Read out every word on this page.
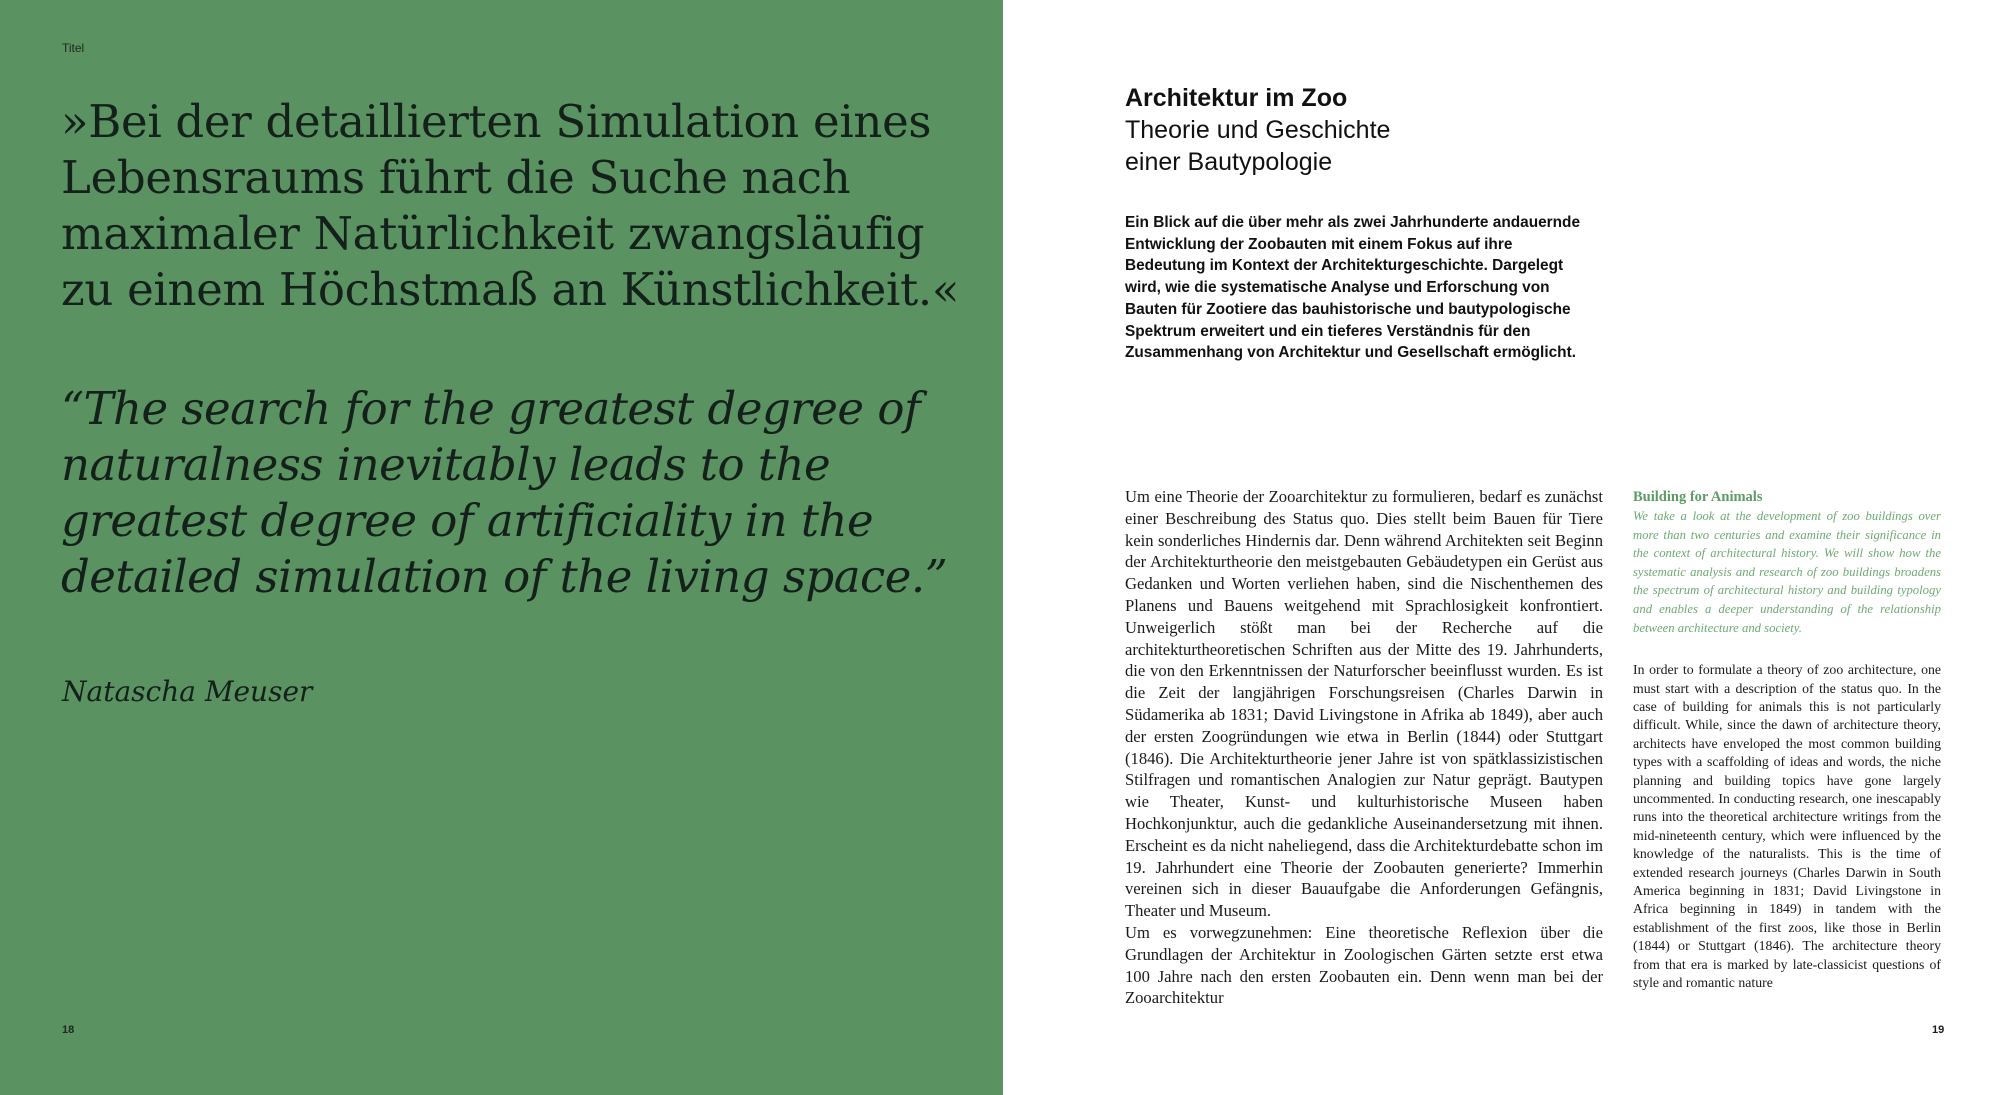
Titel

»Bei der detaillierten Simulation eines Lebensraums führt die Suche nach maximaler Natürlichkeit zwangsläufig zu einem Höchstmaß an Künstlichkeit.«

“The search for the greatest degree of naturalness inevitably leads to the greatest degree of artificiality in the detailed simulation of the living space.”

Natascha Meuser
18
Architektur im Zoo
Theorie und Geschichte
einer Bautypologie

Ein Blick auf die über mehr als zwei Jahrhunderte andauernde Entwicklung der Zoobauten mit einem Fokus auf ihre Bedeutung im Kontext der Architekturgeschichte. Dargelegt wird, wie die systematische Analyse und Erforschung von Bauten für Zootiere das bauhistorische und bautypologische Spektrum erweitert und ein tieferes Verständnis für den Zusammenhang von Architektur und Gesellschaft ermöglicht.

Um eine Theorie der Zooarchitektur zu formulieren, bedarf es zunächst einer Beschreibung des Status quo. Dies stellt beim Bauen für Tiere kein sonderliches Hindernis dar. Denn während Architekten seit Beginn der Architekturtheorie den meistgebauten Gebäudetypen ein Gerüst aus Gedanken und Worten verliehen haben, sind die Nischenthemen des Planens und Bauens weitgehend mit Sprachlosigkeit konfrontiert. Unweigerlich stößt man bei der Recherche auf die architekturtheoretischen Schriften aus der Mitte des 19. Jahrhunderts, die von den Erkenntnissen der Naturforscher beeinflusst wurden. Es ist die Zeit der langjährigen Forschungsreisen (Charles Darwin in Südamerika ab 1831; David Livingstone in Afrika ab 1849), aber auch der ersten Zoogründungen wie etwa in Berlin (1844) oder Stuttgart (1846). Die Architekturtheorie jener Jahre ist von spätklassizistischen Stilfragen und romantischen Analogien zur Natur geprägt. Bautypen wie Theater, Kunst- und kulturhistorische Museen haben Hochkonjunktur, auch die gedankliche Auseinandersetzung mit ihnen. Erscheint es da nicht naheliegend, dass die Architekturdebatte schon im 19. Jahrhundert eine Theorie der Zoobauten generierte? Immerhin vereinen sich in dieser Bauaufgabe die Anforderungen Gefängnis, Theater und Museum.

Um es vorwegzunehmen: Eine theoretische Reflexion über die Grundlagen der Architektur in Zoologischen Gärten setzte erst etwa 100 Jahre nach den ersten Zoobauten ein. Denn wenn man bei der Zooarchitektur

Building for Animals

We take a look at the development of zoo buildings over more than two centuries and examine their significance in the context of architectural history. We will show how the systematic analysis and research of zoo buildings broadens the spectrum of architectural history and building typology and enables a deeper understanding of the relationship between architecture and society.

In order to formulate a theory of zoo architecture, one must start with a description of the status quo. In the case of building for animals this is not particularly difficult. While, since the dawn of architecture theory, architects have enveloped the most common building types with a scaffolding of ideas and words, the niche planning and building topics have gone largely uncommented. In conducting research, one inescapably runs into the theoretical architecture writings from the mid-nineteenth century, which were influenced by the knowledge of the naturalists. This is the time of extended research journeys (Charles Darwin in South America beginning in 1831; David Livingstone in Africa beginning in 1849) in tandem with the establishment of the first zoos, like those in Berlin (1844) or Stuttgart (1846). The architecture theory from that era is marked by late-classicist questions of style and romantic nature

19
